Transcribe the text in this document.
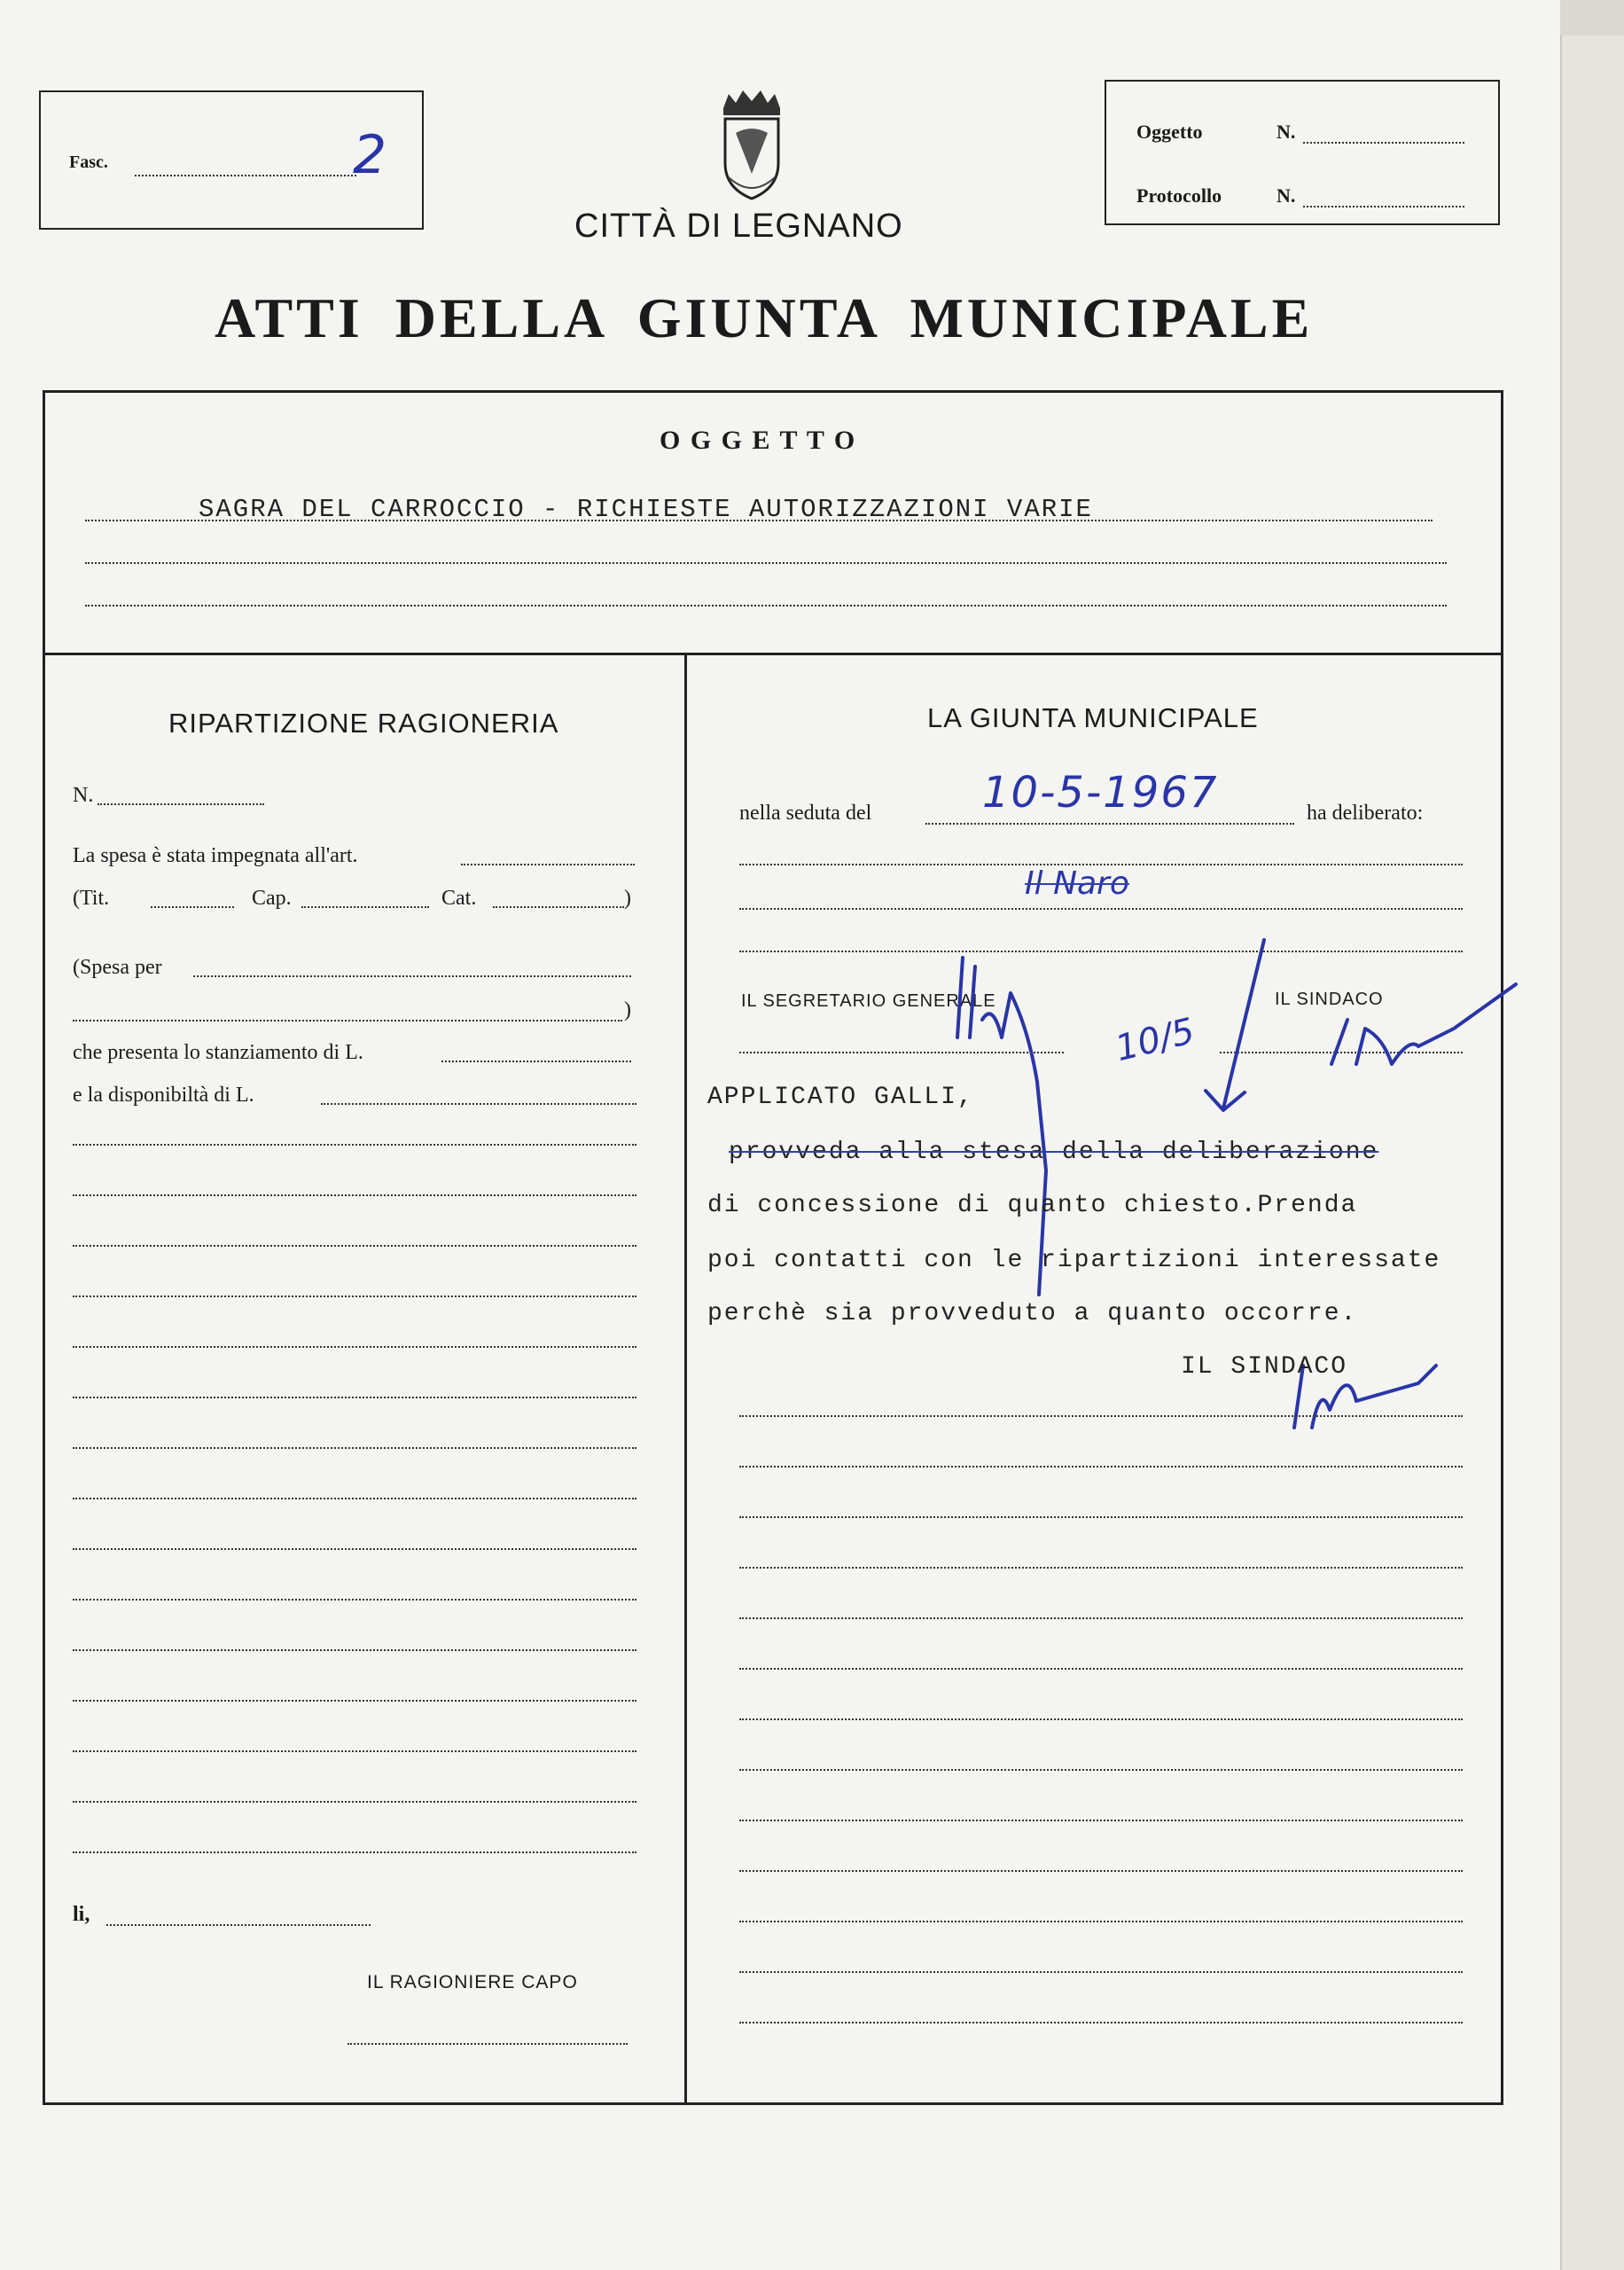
Fasc.	2
CITTÀ DI LEGNANO
Oggetto	N.
Protocollo	N.
ATTI DELLA GIUNTA MUNICIPALE
O G G E T T O
SAGRA DEL CARROCCIO - RICHIESTE AUTORIZZAZIONI VARIE
RIPARTIZIONE RAGIONERIA
N.
La spesa è stata impegnata all'art.
(Tit.	Cap.	Cat.	)
(Spesa per
)
che presenta lo stanziamento di L.
e la disponibiltà di L.
li,
IL RAGIONIERE CAPO
LA GIUNTA MUNICIPALE
nella seduta del	10-5-1967	ha deliberato:
Il Naro
IL SEGRETARIO GENERALE	IL SINDACO
10/5
APPLICATO GALLI,
provveda alla stesa della deliberazione
di concessione di quanto chiesto.Prenda
poi contatti con le ripartizioni interessate
perchè sia provveduto a quanto occorre.
IL SINDACO
